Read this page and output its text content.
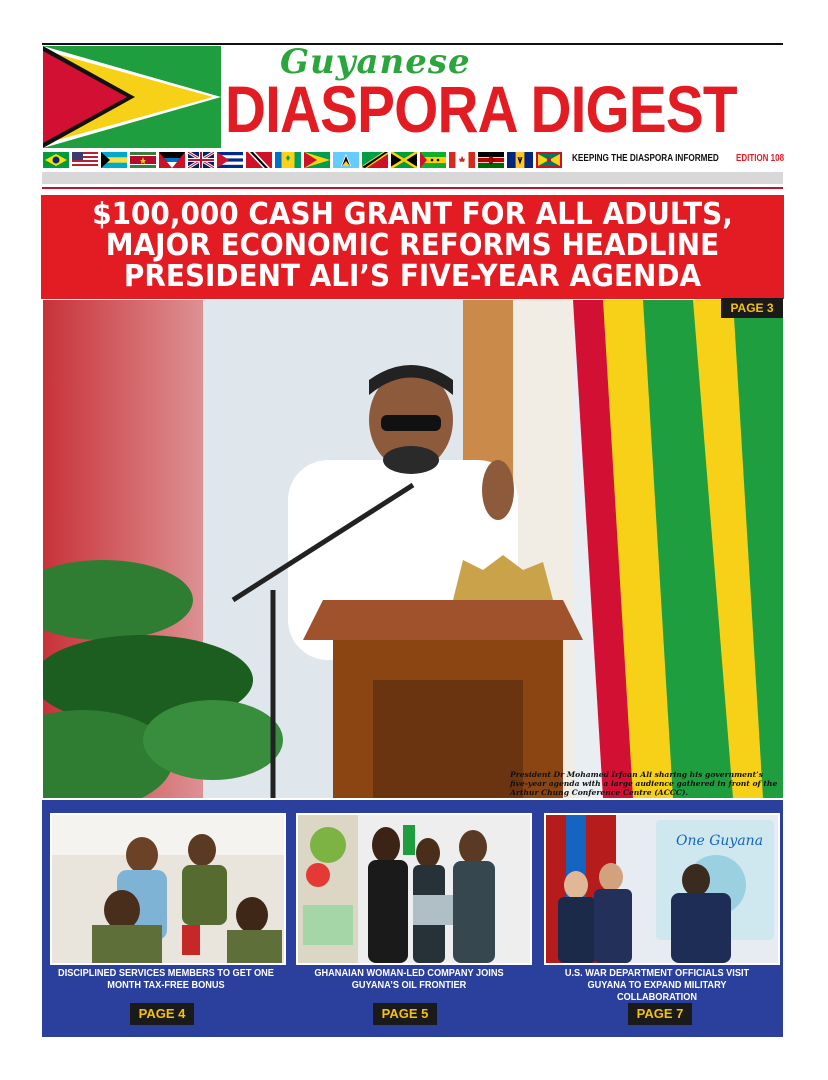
Guyanese
DIASPORA DIGEST
KEEPING THE DIASPORA INFORMED EDITION 108
$100,000 CASH GRANT FOR ALL ADULTS,
MAJOR ECONOMIC REFORMS HEADLINE
PRESIDENT ALI’S FIVE-YEAR AGENDA
PAGE 3
President Dr Mohamed Irfaan Ali sharing his government’s five-year agenda with a large audience gathered in front of the Arthur Chung Conference Centre (ACCC).
DISCIPLINED SERVICES MEMBERS TO GET ONE MONTH TAX-FREE BONUS
PAGE 4
GHANAIAN WOMAN-LED COMPANY JOINS GUYANA’S OIL FRONTIER
PAGE 5
One Guyana
U.S. WAR DEPARTMENT OFFICIALS VISIT GUYANA TO EXPAND MILITARY COLLABORATION
PAGE 7
